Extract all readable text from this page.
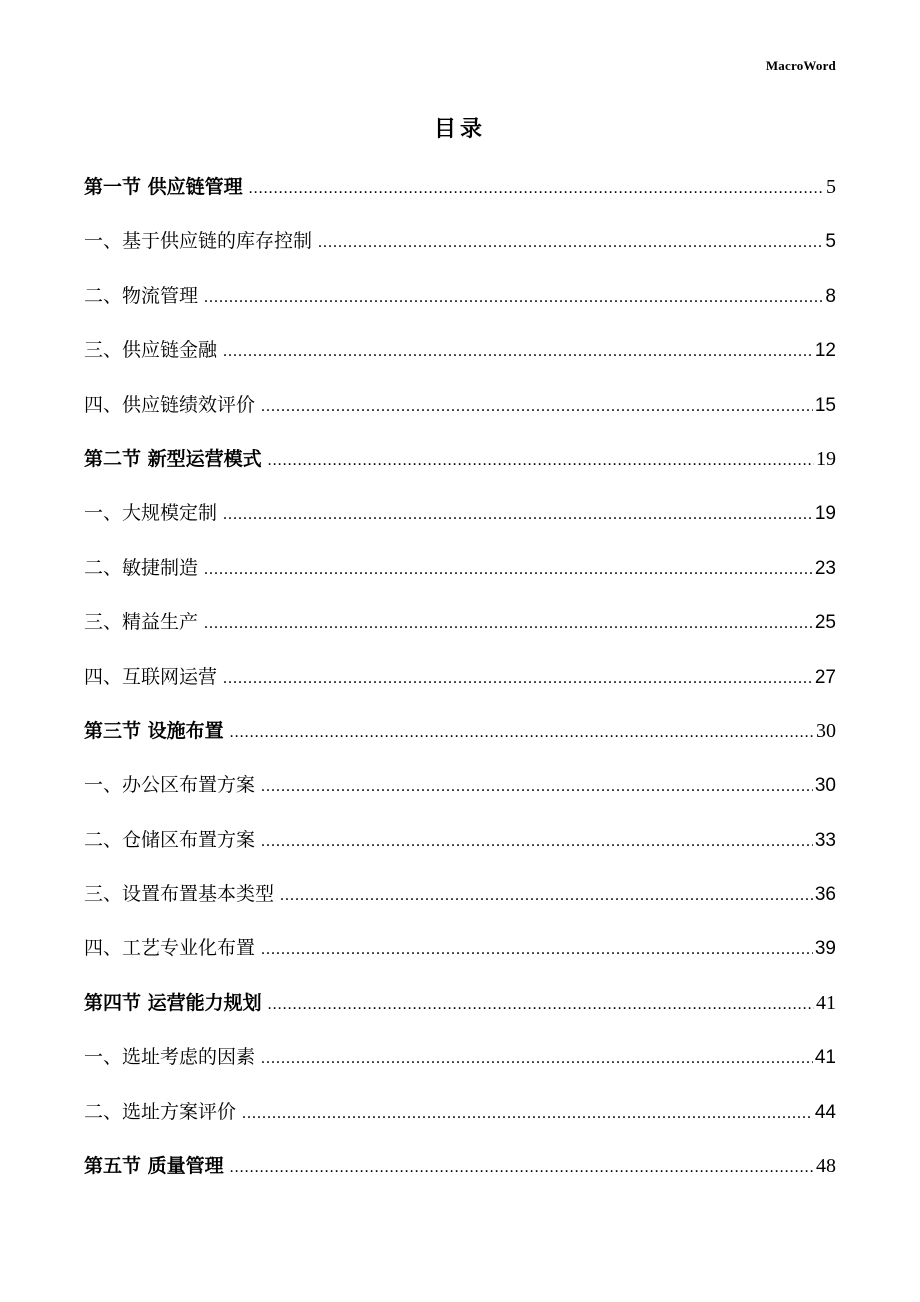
MacroWord
目录
第一节 供应链管理 .....	5
一、 基于供应链的库存控制 .....	5
二、 物流管理 .....	8
三、 供应链金融 .....	12
四、 供应链绩效评价 .....	15
第二节 新型运营模式 .....	19
一、 大规模定制 .....	19
二、 敏捷制造 .....	23
三、 精益生产 .....	25
四、 互联网运营 .....	27
第三节 设施布置 .....	30
一、 办公区布置方案 .....	30
二、 仓储区布置方案 .....	33
三、 设置布置基本类型 .....	36
四、 工艺专业化布置 .....	39
第四节 运营能力规划 .....	41
一、 选址考虑的因素 .....	41
二、 选址方案评价 .....	44
第五节 质量管理 .....	48
